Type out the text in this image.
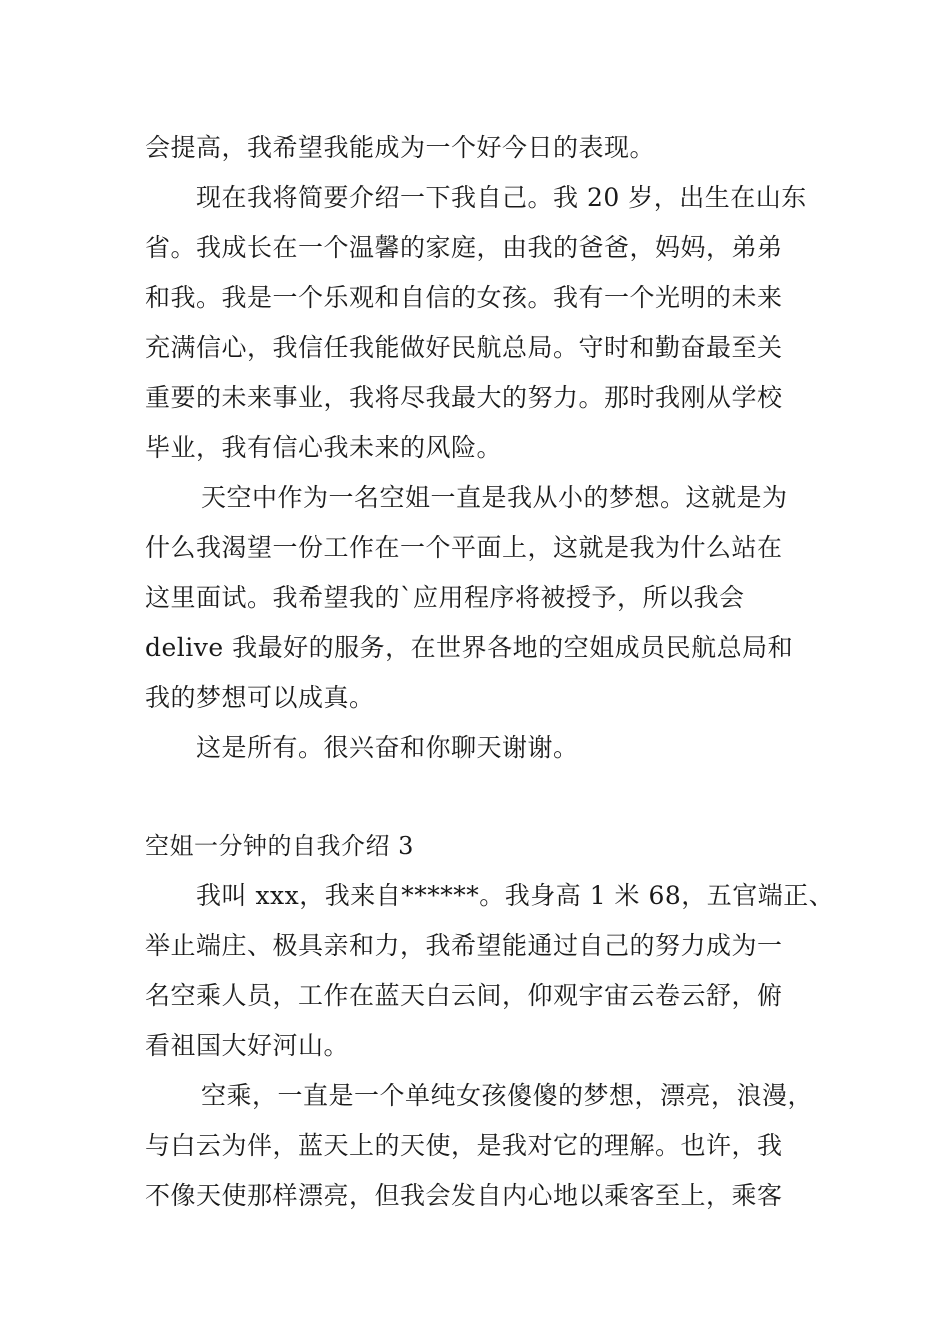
会提高，我希望我能成为一个好今日的表现。
现在我将简要介绍一下我自己。我 20 岁，出生在山东
省。我成长在一个温馨的家庭，由我的爸爸，妈妈，弟弟
和我。我是一个乐观和自信的女孩。我有一个光明的未来
充满信心，我信任我能做好民航总局。守时和勤奋最至关
重要的未来事业，我将尽我最大的努力。那时我刚从学校
毕业，我有信心我未来的风险。
天空中作为一名空姐一直是我从小的梦想。这就是为
什么我渴望一份工作在一个平面上，这就是我为什么站在
这里面试。我希望我的`应用程序将被授予，所以我会
delive 我最好的服务，在世界各地的空姐成员民航总局和
我的梦想可以成真。
这是所有。很兴奋和你聊天谢谢。
空姐一分钟的自我介绍 3
我叫 xxx，我来自******。我身高 1 米 68，五官端正、
举止端庄、极具亲和力，我希望能通过自己的努力成为一
名空乘人员，工作在蓝天白云间，仰观宇宙云卷云舒，俯
看祖国大好河山。
空乘，一直是一个单纯女孩傻傻的梦想，漂亮，浪漫，
与白云为伴，蓝天上的天使，是我对它的理解。也许，我
不像天使那样漂亮，但我会发自内心地以乘客至上，乘客
